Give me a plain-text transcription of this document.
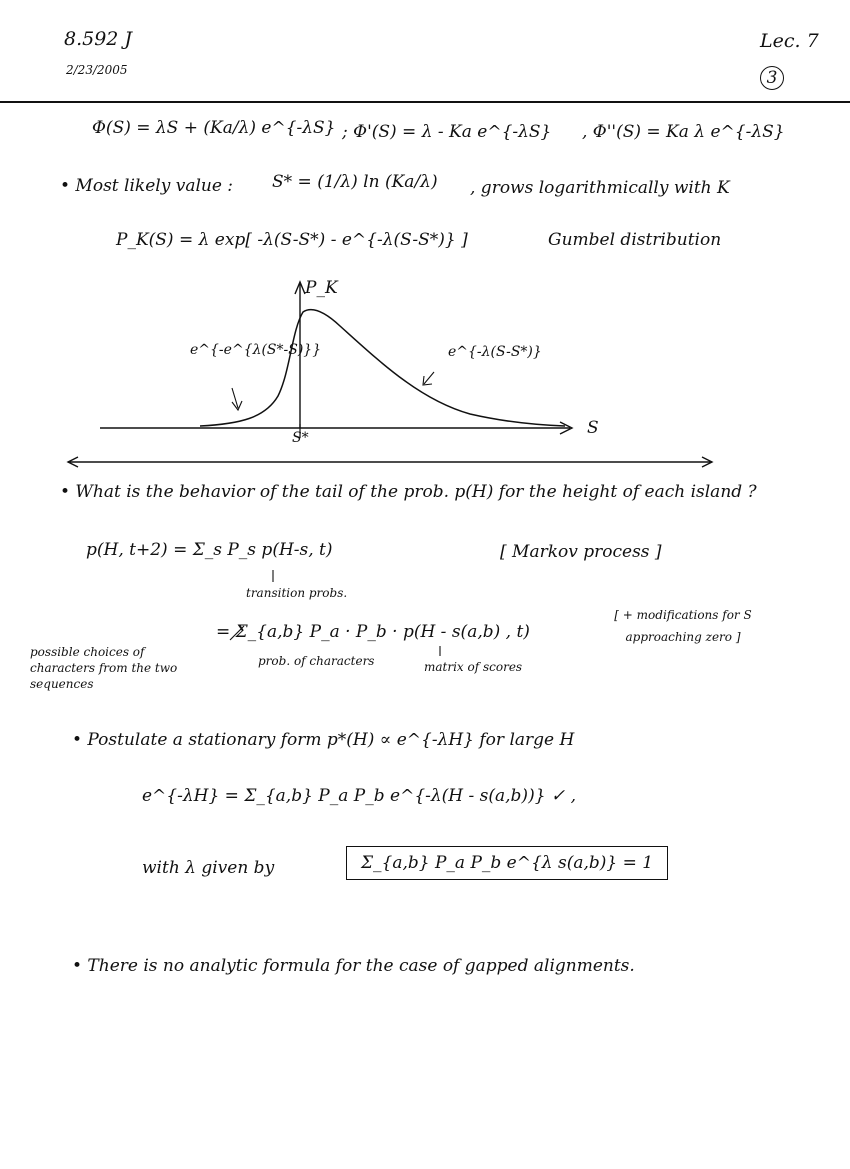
8.592 J
2/23/2005
Lec. 7
3
Φ(S) = λS + (Ka/λ) e^{-λS} ; Φ'(S) = λ - Ka e^{-λS} , Φ''(S) = Ka λ e^{-λS}
• Most likely value : S* = (1/λ) ln (Ka/λ) , grows logarithmically with K
P_K(S) = λ exp[ -λ(S-S*) - e^{-λ(S-S*)} ]	Gumbel distribution
P_K
S
S*
e^{-e^{λ(S*-S)}}	e^{-λ(S-S*)}
• What is the behavior of the tail of the prob. p(H) for the height of each island ?
p(H, t+2) = Σ_s P_s p(H-s, t)	[ Markov process ]
transition probs.
= Σ_{a,b} P_a · P_b · p(H - s(a,b) , t)
[ + modifications for S approaching zero ]
possible choices of characters from the two sequences
prob. of characters	matrix of scores
• Postulate a stationary form p*(H) ∝ e^{-λH} for large H
e^{-λH} = Σ_{a,b} P_a P_b e^{-λ(H - s(a,b))} ✓ ,
with λ given by	Σ_{a,b} P_a P_b e^{λ s(a,b)} = 1
• There is no analytic formula for the case of gapped alignments.
